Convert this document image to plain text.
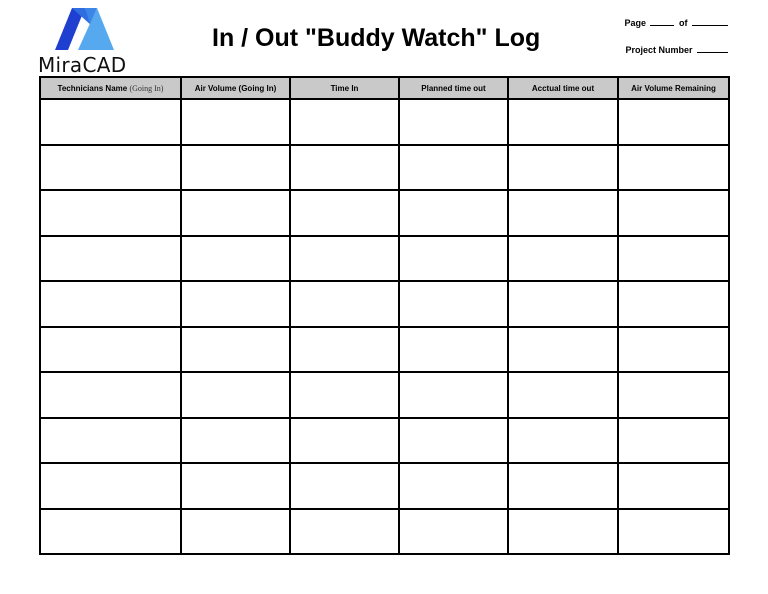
MiraCAD
In / Out "Buddy Watch" Log
Page	of
Project Number
Technicians Name (Going In)	Air Volume (Going In)	Time In	Planned time out	Acctual time out	Air Volume Remaining
